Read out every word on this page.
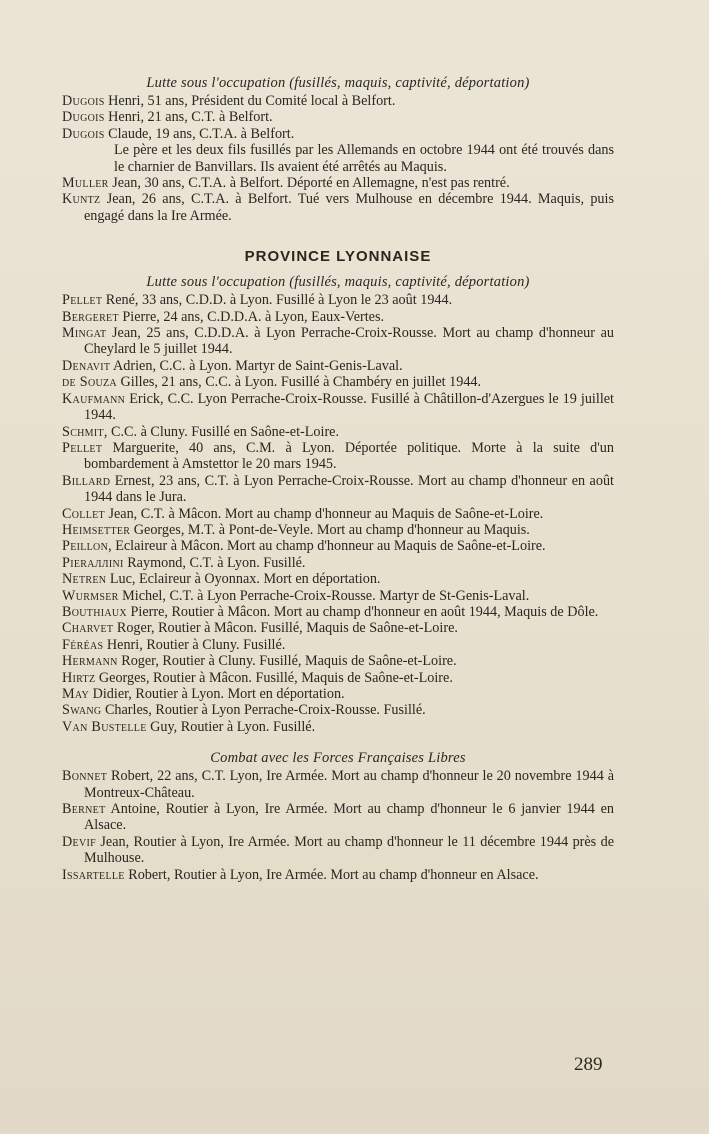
Lutte sous l'occupation (fusillés, maquis, captivité, déportation)

Dugois Henri, 51 ans, Président du Comité local à Belfort.

Dugois Henri, 21 ans, C.T. à Belfort.

Dugois Claude, 19 ans, C.T.A. à Belfort.

Le père et les deux fils fusillés par les Allemands en octobre 1944 ont été trouvés dans le charnier de Banvillars. Ils avaient été arrêtés au Maquis.

Muller Jean, 30 ans, C.T.A. à Belfort. Déporté en Allemagne, n'est pas rentré.

Kuntz Jean, 26 ans, C.T.A. à Belfort. Tué vers Mulhouse en décembre 1944. Maquis, puis engagé dans la Ire Armée.

PROVINCE LYONNAISE

Lutte sous l'occupation (fusillés, maquis, captivité, déportation)

Pellet René, 33 ans, C.D.D. à Lyon. Fusillé à Lyon le 23 août 1944.

Bergeret Pierre, 24 ans, C.D.D.A. à Lyon, Eaux-Vertes.

Mingat Jean, 25 ans, C.D.D.A. à Lyon Perrache-Croix-Rousse. Mort au champ d'honneur au Cheylard le 5 juillet 1944.

Denavit Adrien, C.C. à Lyon. Martyr de Saint-Genis-Laval.

de Souza Gilles, 21 ans, C.C. à Lyon. Fusillé à Chambéry en juillet 1944.

Kaufmann Erick, C.C. Lyon Perrache-Croix-Rousse. Fusillé à Châtillon-d'Azergues le 19 juillet 1944.

Schmit, C.C. à Cluny. Fusillé en Saône-et-Loire.

Pellet Marguerite, 40 ans, C.M. à Lyon. Déportée politique. Morte à la suite d'un bombardement à Amstettor le 20 mars 1945.

Billard Ernest, 23 ans, C.T. à Lyon Perrache-Croix-Rousse. Mort au champ d'honneur en août 1944 dans le Jura.

Collet Jean, C.T. à Mâcon. Mort au champ d'honneur au Maquis de Saône-et-Loire.

Heimsetter Georges, M.T. à Pont-de-Veyle. Mort au champ d'honneur au Maquis.

Peillon, Eclaireur à Mâcon. Mort au champ d'honneur au Maquis de Saône-et-Loire.

Pieraллini Raymond, C.T. à Lyon. Fusillé.

Netren Luc, Eclaireur à Oyonnax. Mort en déportation.

Wurmser Michel, C.T. à Lyon Perrache-Croix-Rousse. Martyr de St-Genis-Laval.

Bouthiaux Pierre, Routier à Mâcon. Mort au champ d'honneur en août 1944, Maquis de Dôle.

Charvet Roger, Routier à Mâcon. Fusillé, Maquis de Saône-et-Loire.

Féréas Henri, Routier à Cluny. Fusillé.

Hermann Roger, Routier à Cluny. Fusillé, Maquis de Saône-et-Loire.

Hirtz Georges, Routier à Mâcon. Fusillé, Maquis de Saône-et-Loire.

May Didier, Routier à Lyon. Mort en déportation.

Swang Charles, Routier à Lyon Perrache-Croix-Rousse. Fusillé.

Van Bustelle Guy, Routier à Lyon. Fusillé.

Combat avec les Forces Françaises Libres

Bonnet Robert, 22 ans, C.T. Lyon, Ire Armée. Mort au champ d'honneur le 20 novembre 1944 à Montreux-Château.

Bernet Antoine, Routier à Lyon, Ire Armée. Mort au champ d'honneur le 6 janvier 1944 en Alsace.

Devif Jean, Routier à Lyon, Ire Armée. Mort au champ d'honneur le 11 décembre 1944 près de Mulhouse.

Issartelle Robert, Routier à Lyon, Ire Armée. Mort au champ d'honneur en Alsace.

289
